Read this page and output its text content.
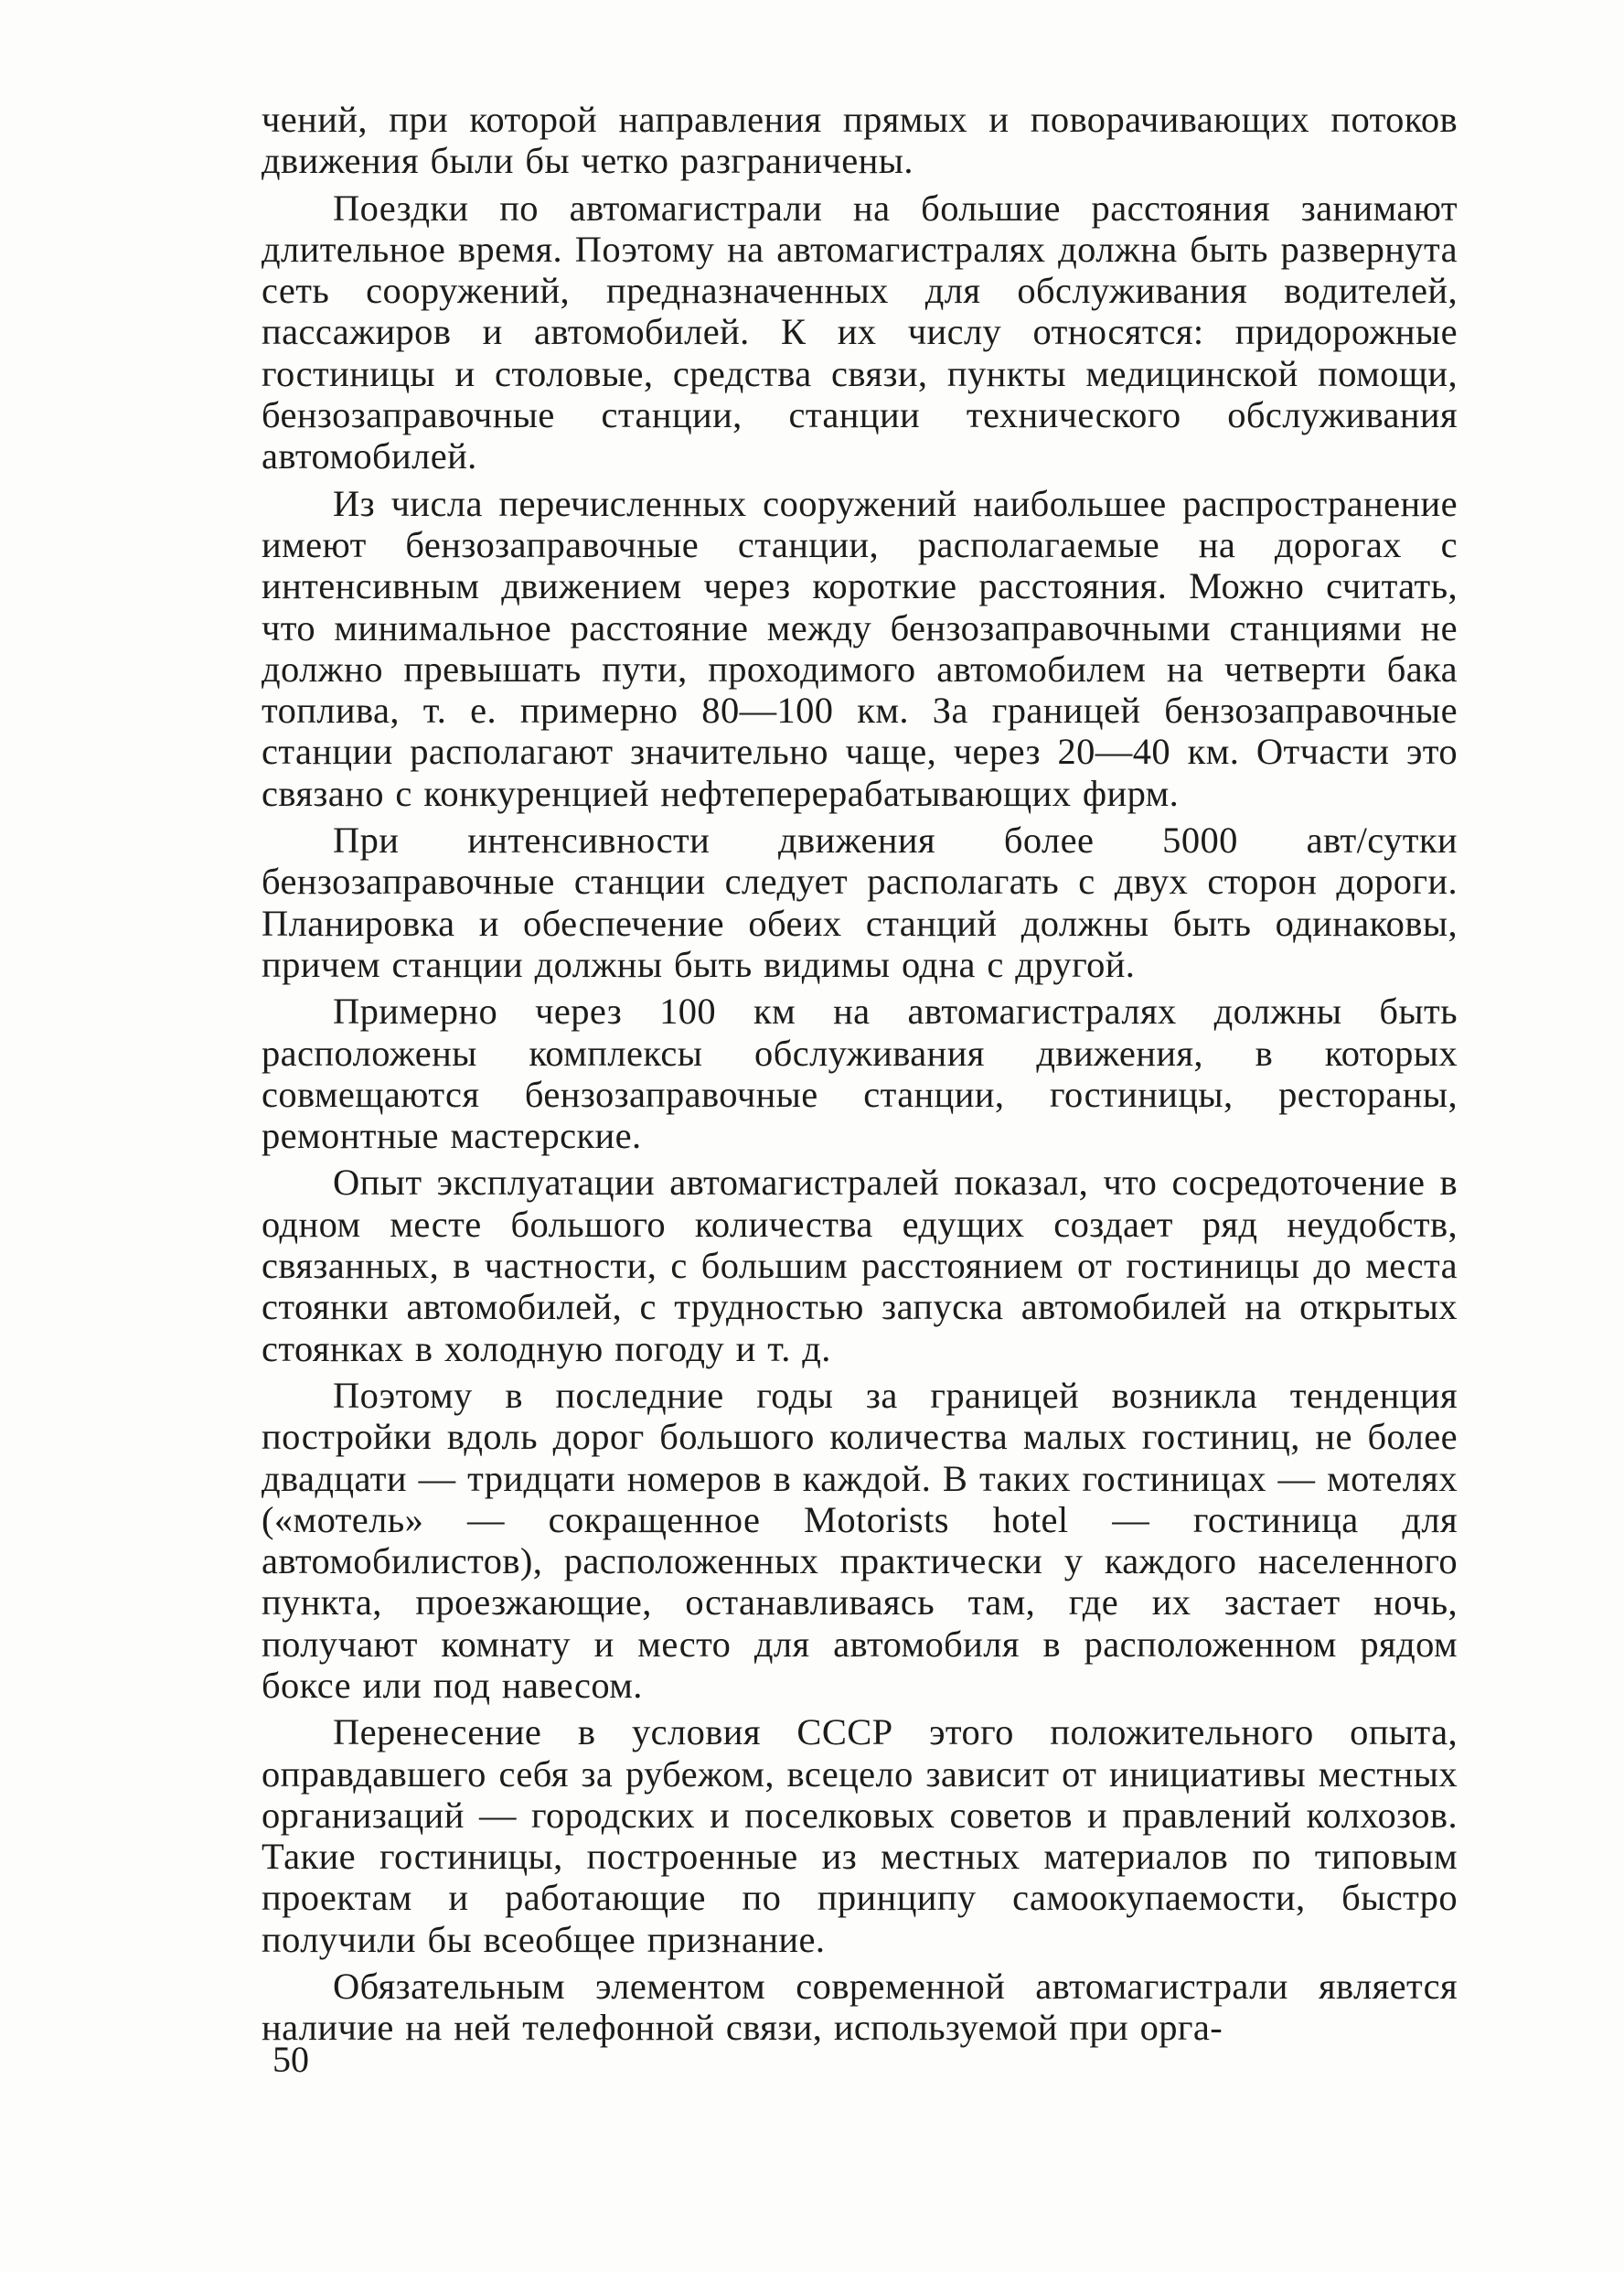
чений, при которой направления прямых и поворачивающих потоков движения были бы четко разграничены.

Поездки по автомагистрали на большие расстояния занимают длительное время. Поэтому на автомагистралях должна быть развернута сеть сооружений, предназначенных для обслуживания водителей, пассажиров и автомобилей. К их числу относятся: придорожные гостиницы и столовые, средства связи, пункты медицинской помощи, бензозаправочные станции, станции технического обслуживания автомобилей.

Из числа перечисленных сооружений наибольшее распространение имеют бензозаправочные станции, располагаемые на дорогах с интенсивным движением через короткие расстояния. Можно считать, что минимальное расстояние между бензозаправочными станциями не должно превышать пути, проходимого автомобилем на четверти бака топлива, т. е. примерно 80—100 км. За границей бензозаправочные станции располагают значительно чаще, через 20—40 км. Отчасти это связано с конкуренцией нефтеперерабатывающих фирм.

При интенсивности движения более 5000 авт/сутки бензозаправочные станции следует располагать с двух сторон дороги. Планировка и обеспечение обеих станций должны быть одинаковы, причем станции должны быть видимы одна с другой.

Примерно через 100 км на автомагистралях должны быть расположены комплексы обслуживания движения, в которых совмещаются бензозаправочные станции, гостиницы, рестораны, ремонтные мастерские.

Опыт эксплуатации автомагистралей показал, что сосредоточение в одном месте большого количества едущих создает ряд неудобств, связанных, в частности, с большим расстоянием от гостиницы до места стоянки автомобилей, с трудностью запуска автомобилей на открытых стоянках в холодную погоду и т. д.

Поэтому в последние годы за границей возникла тенденция постройки вдоль дорог большого количества малых гостиниц, не более двадцати — тридцати номеров в каждой. В таких гостиницах — мотелях («мотель» — сокращенное Motorists hotel — гостиница для автомобилистов), расположенных практически у каждого населенного пункта, проезжающие, останавливаясь там, где их застает ночь, получают комнату и место для автомобиля в расположенном рядом боксе или под навесом.

Перенесение в условия СССР этого положительного опыта, оправдавшего себя за рубежом, всецело зависит от инициативы местных организаций — городских и поселковых советов и правлений колхозов. Такие гостиницы, построенные из местных материалов по типовым проектам и работающие по принципу самоокупаемости, быстро получили бы всеобщее признание.

Обязательным элементом современной автомагистрали является наличие на ней телефонной связи, используемой при орга-

50
